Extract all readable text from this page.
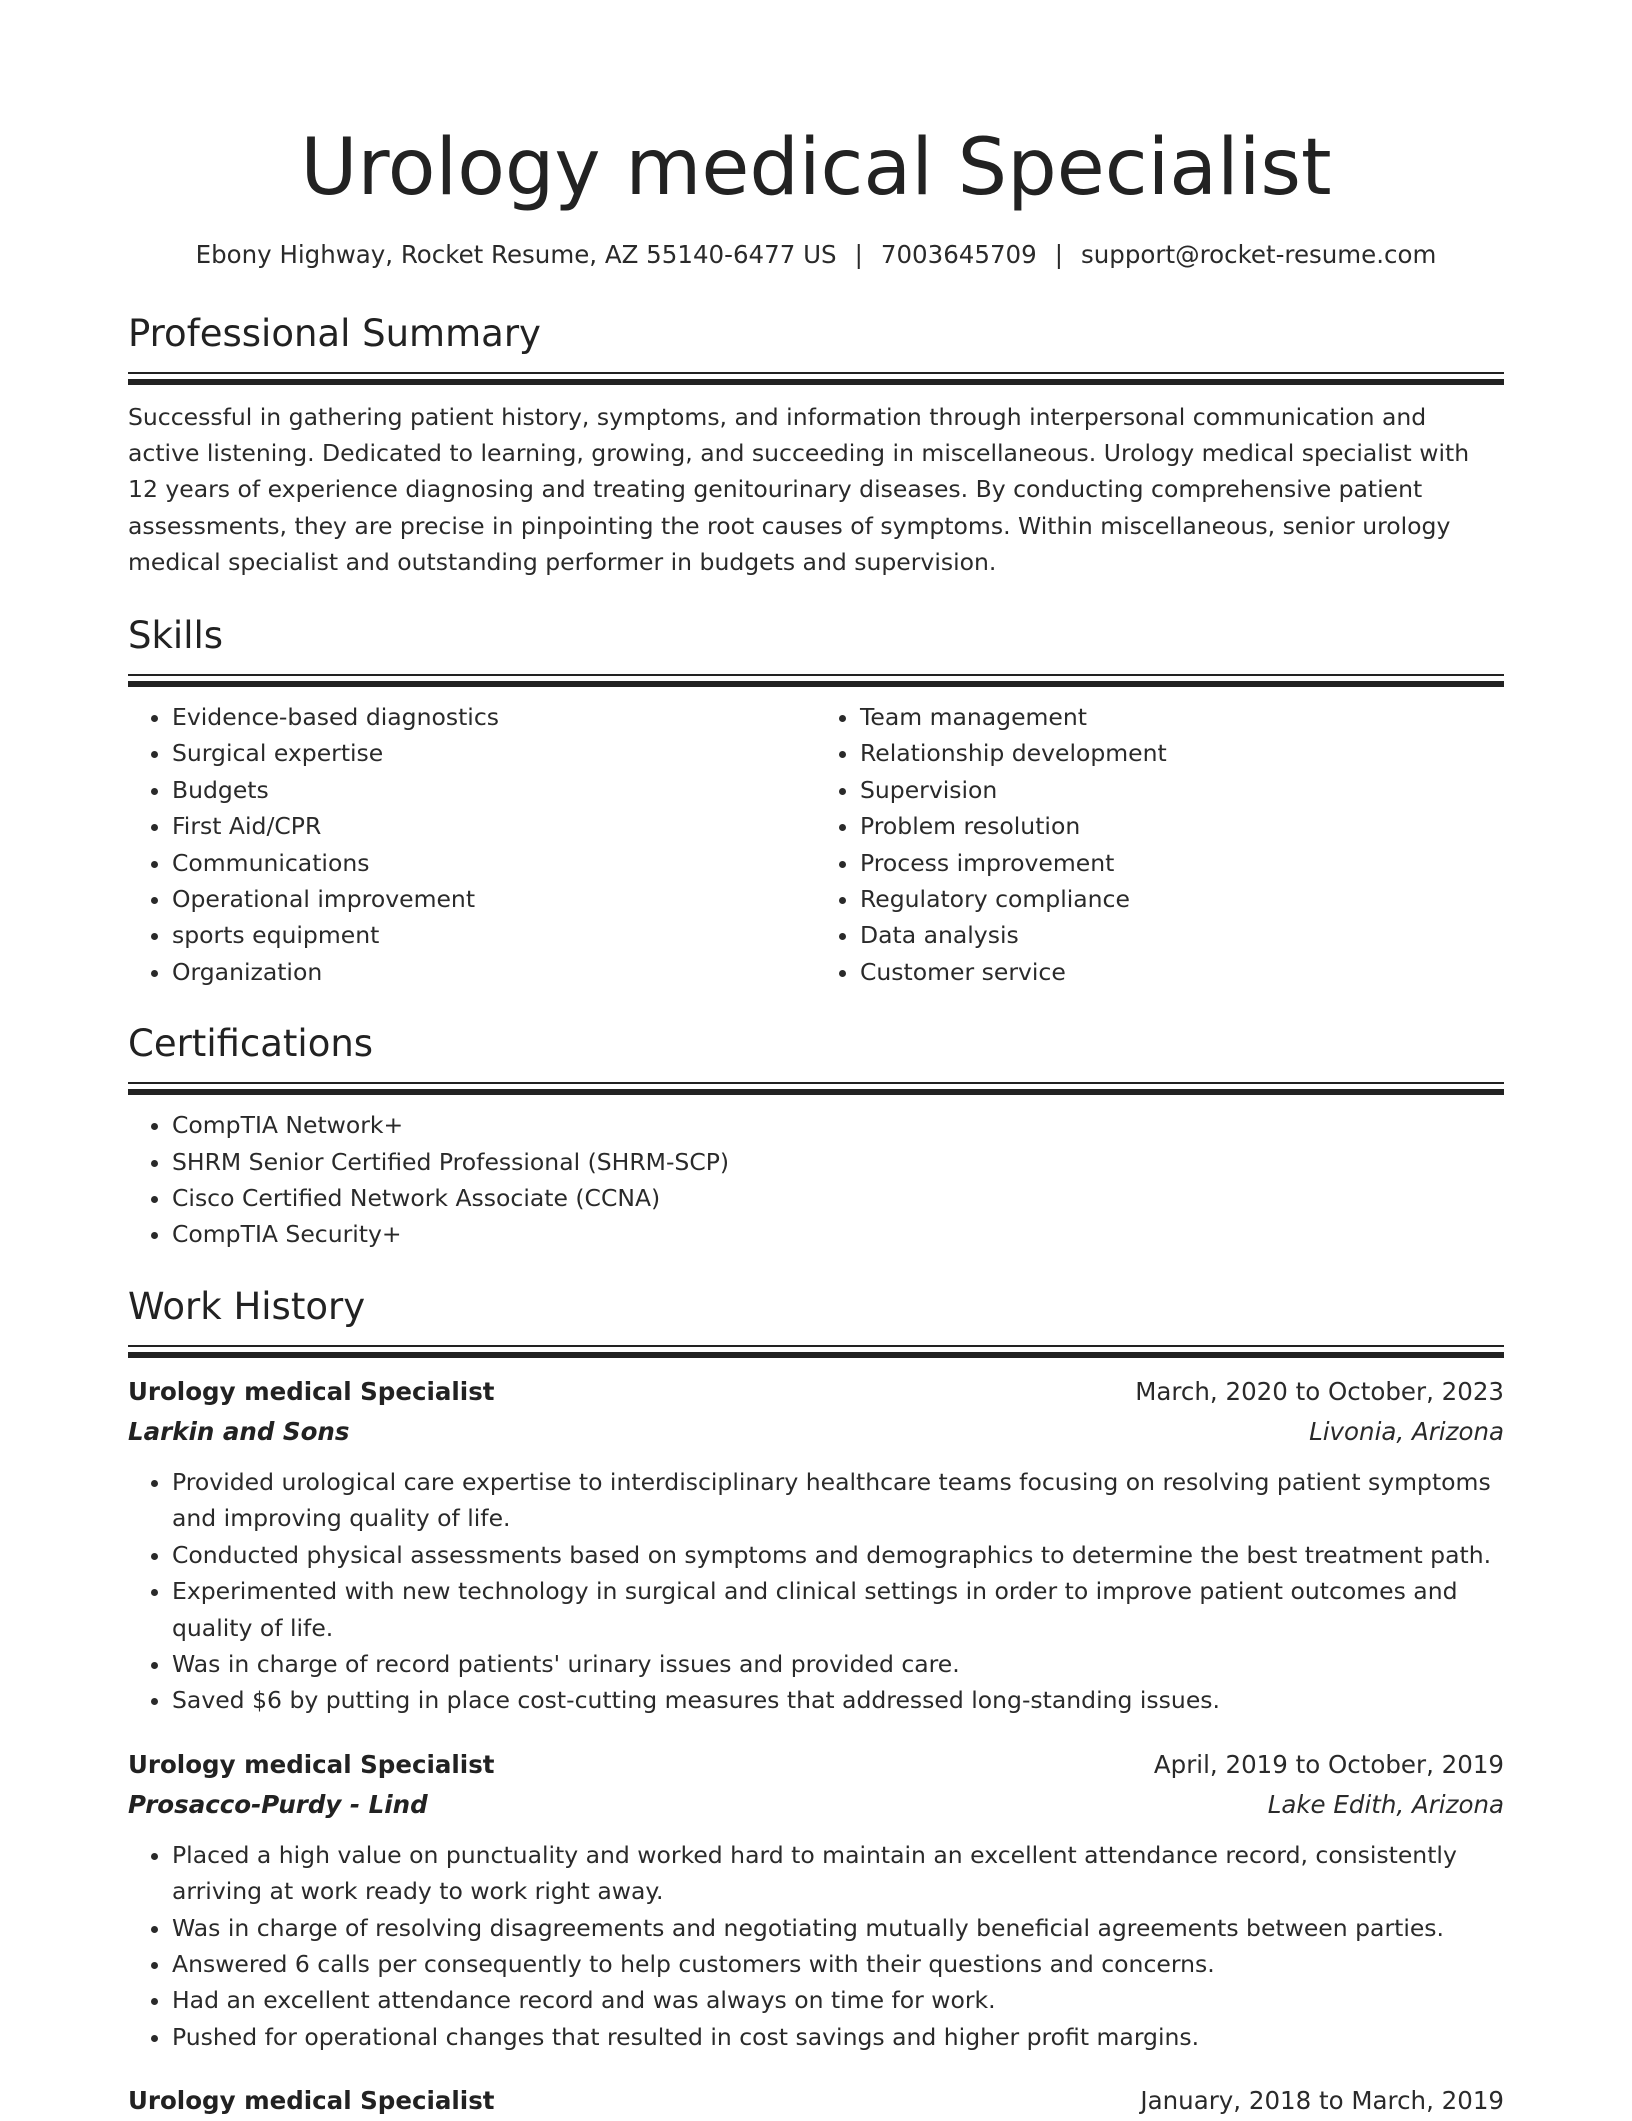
Urology medical Specialist
Ebony Highway, Rocket Resume, AZ 55140-6477 US | 7003645709 | support@rocket-resume.com
Professional Summary

Successful in gathering patient history, symptoms, and information through interpersonal communication and active listening. Dedicated to learning, growing, and succeeding in miscellaneous. Urology medical specialist with 12 years of experience diagnosing and treating genitourinary diseases. By conducting comprehensive patient assessments, they are precise in pinpointing the root causes of symptoms. Within miscellaneous, senior urology medical specialist and outstanding performer in budgets and supervision.

Skills
• Evidence-based diagnostics
• Surgical expertise
• Budgets
• First Aid/CPR
• Communications
• Operational improvement
• sports equipment
• Organization
• Team management
• Relationship development
• Supervision
• Problem resolution
• Process improvement
• Regulatory compliance
• Data analysis
• Customer service
Certifications
• CompTIA Network+
• SHRM Senior Certified Professional (SHRM-SCP)
• Cisco Certified Network Associate (CCNA)
• CompTIA Security+
Work History
Urology medical Specialist	March, 2020 to October, 2023
Larkin and Sons	Livonia, Arizona
• Provided urological care expertise to interdisciplinary healthcare teams focusing on resolving patient symptoms and improving quality of life.
• Conducted physical assessments based on symptoms and demographics to determine the best treatment path.
• Experimented with new technology in surgical and clinical settings in order to improve patient outcomes and quality of life.
• Was in charge of record patients' urinary issues and provided care.
• Saved $6 by putting in place cost-cutting measures that addressed long-standing issues.
Urology medical Specialist	April, 2019 to October, 2019
Prosacco-Purdy - Lind	Lake Edith, Arizona
• Placed a high value on punctuality and worked hard to maintain an excellent attendance record, consistently arriving at work ready to work right away.
• Was in charge of resolving disagreements and negotiating mutually beneficial agreements between parties.
• Answered 6 calls per consequently to help customers with their questions and concerns.
• Had an excellent attendance record and was always on time for work.
• Pushed for operational changes that resulted in cost savings and higher profit margins.
Urology medical Specialist	January, 2018 to March, 2019
